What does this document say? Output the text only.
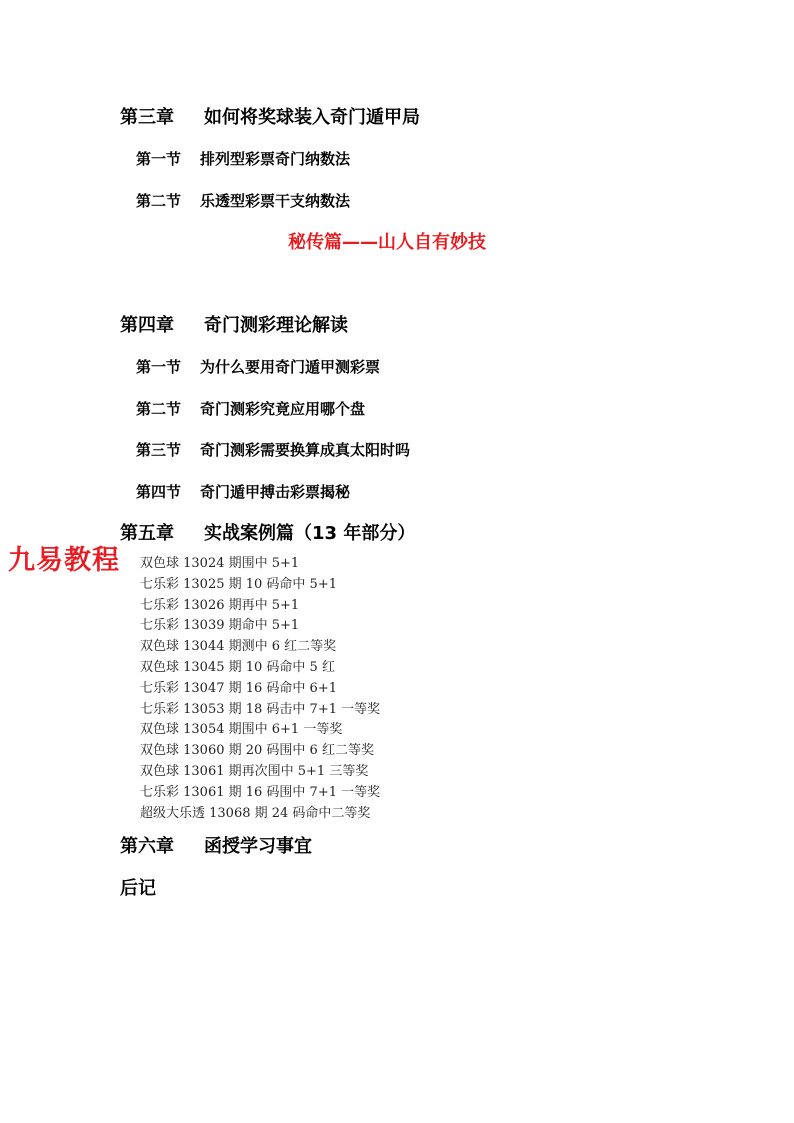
第三章 如何将奖球装入奇门遁甲局
第一节 排列型彩票奇门纳数法
第二节 乐透型彩票干支纳数法
秘传篇——山人自有妙技
第四章 奇门测彩理论解读
第一节 为什么要用奇门遁甲测彩票
第二节 奇门测彩究竟应用哪个盘
第三节 奇门测彩需要换算成真太阳时吗
第四节 奇门遁甲搏击彩票揭秘
第五章 实战案例篇（13 年部分）
双色球 13024 期围中 5+1
七乐彩 13025 期 10 码命中 5+1
七乐彩 13026 期再中 5+1
七乐彩 13039 期命中 5+1
双色球 13044 期测中 6 红二等奖
双色球 13045 期 10 码命中 5 红
七乐彩 13047 期 16 码命中 6+1
七乐彩 13053 期 18 码击中 7+1 一等奖
双色球 13054 期围中 6+1 一等奖
双色球 13060 期 20 码围中 6 红二等奖
双色球 13061 期再次围中 5+1 三等奖
七乐彩 13061 期 16 码围中 7+1 一等奖
超级大乐透 13068 期 24 码命中二等奖
九易教程
第六章 函授学习事宜
后记
